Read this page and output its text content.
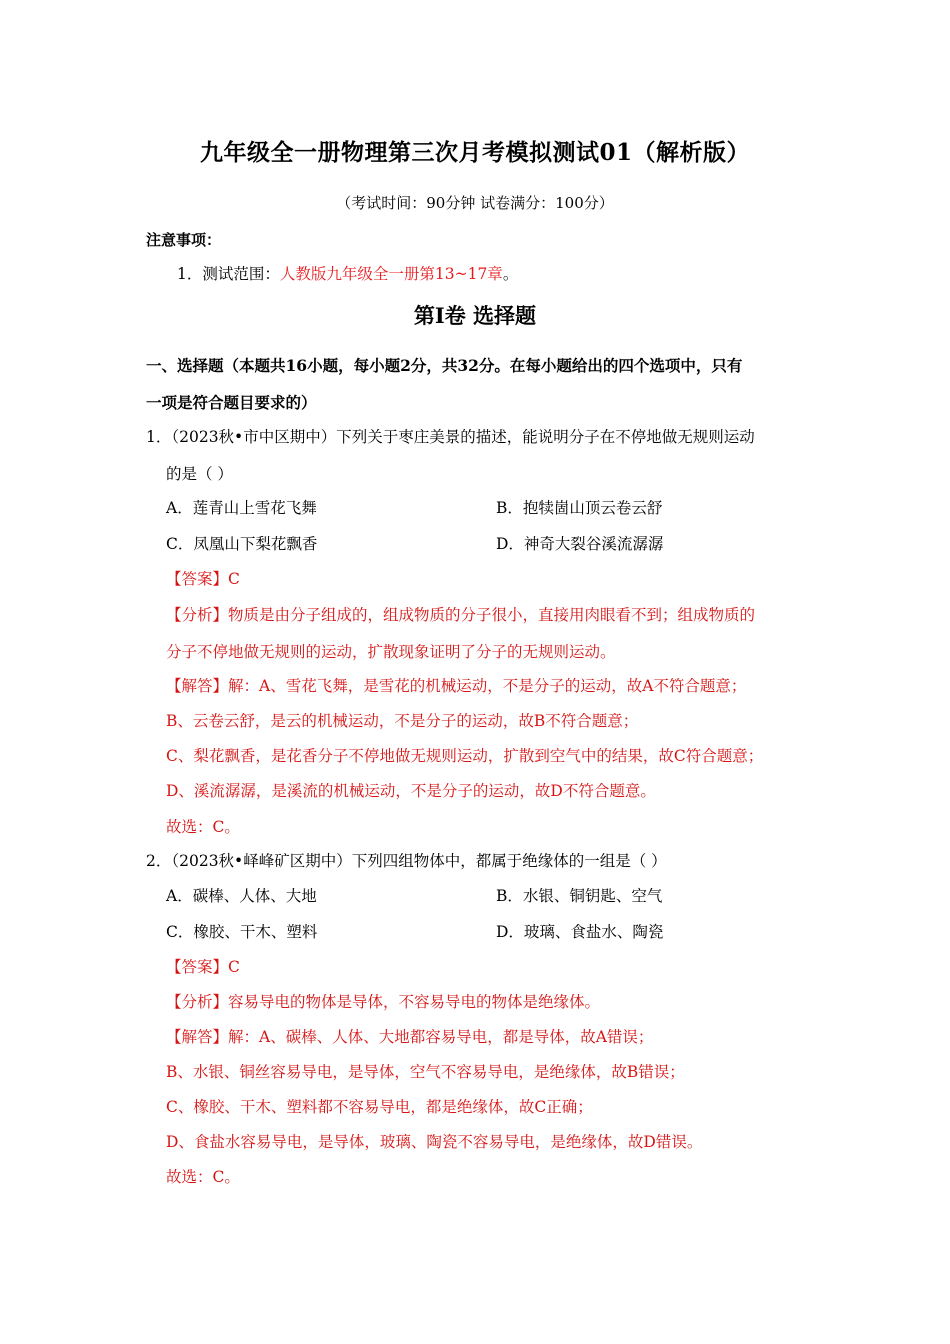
九年级全一册物理第三次月考模拟测试01（解析版）
（考试时间：90分钟 试卷满分：100分）
注意事项：
1．测试范围：人教版九年级全一册第13~17章。
第Ⅰ卷 选择题
一、选择题（本题共16小题，每小题2分，共32分。在每小题给出的四个选项中，只有
一项是符合题目要求的）
1．（2023秋•市中区期中）下列关于枣庄美景的描述，能说明分子在不停地做无规则运动
的是（ ）
A．莲青山上雪花飞舞	B．抱犊崮山顶云卷云舒
C．凤凰山下梨花飘香	D．神奇大裂谷溪流潺潺
【答案】C
【分析】物质是由分子组成的，组成物质的分子很小，直接用肉眼看不到；组成物质的
分子不停地做无规则的运动，扩散现象证明了分子的无规则运动。
【解答】解：A、雪花飞舞，是雪花的机械运动，不是分子的运动，故A不符合题意；
B、云卷云舒，是云的机械运动，不是分子的运动，故B不符合题意；
C、梨花飘香，是花香分子不停地做无规则运动，扩散到空气中的结果，故C符合题意；
D、溪流潺潺，是溪流的机械运动，不是分子的运动，故D不符合题意。
故选：C。
2．（2023秋•峄峰矿区期中）下列四组物体中，都属于绝缘体的一组是（ ）
A．碳棒、人体、大地	B．水银、铜钥匙、空气
C．橡胶、干木、塑料	D．玻璃、食盐水、陶瓷
【答案】C
【分析】容易导电的物体是导体，不容易导电的物体是绝缘体。
【解答】解：A、碳棒、人体、大地都容易导电，都是导体，故A错误；
B、水银、铜丝容易导电，是导体，空气不容易导电，是绝缘体，故B错误；
C、橡胶、干木、塑料都不容易导电，都是绝缘体，故C正确；
D、食盐水容易导电，是导体，玻璃、陶瓷不容易导电，是绝缘体，故D错误。
故选：C。
